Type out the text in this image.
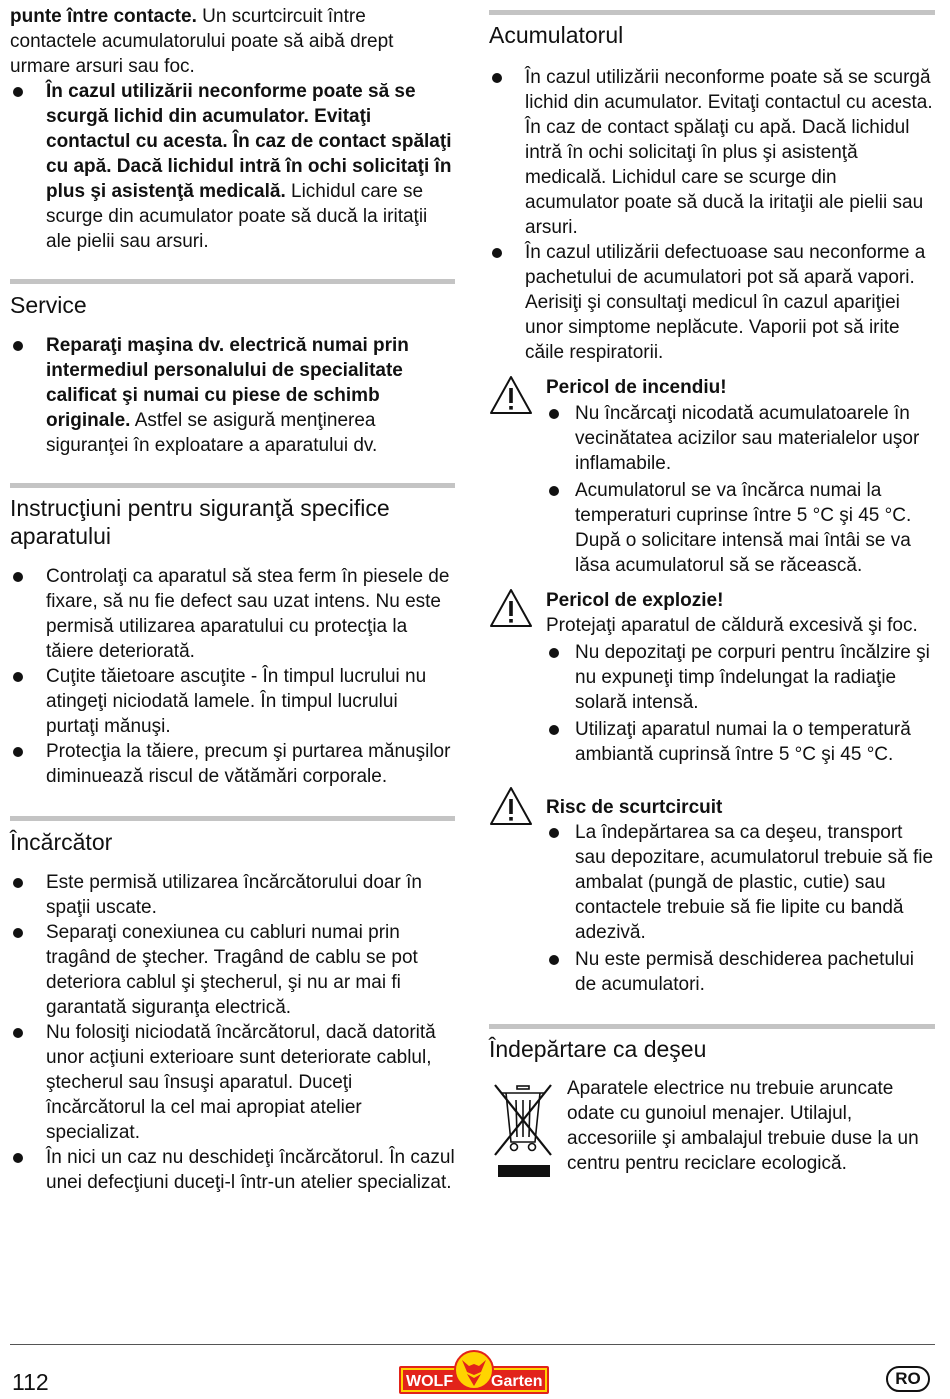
punte între contacte. Un scurtcircuit între contactele acumulatorului poate să aibă drept urmare arsuri sau foc.
În cazul utilizării neconforme poate să se scurgă lichid din acumulator. Evitaţi contactul cu acesta. În caz de contact spălaţi cu apă. Dacă lichidul intră în ochi solicitaţi în plus şi asistenţă medicală. Lichidul care se scurge din acumulator poate să ducă la iritaţii ale pielii sau arsuri.
Service
Reparaţi maşina dv. electrică numai prin intermediul personalului de specialitate calificat şi numai cu piese de schimb originale. Astfel se asigură menţinerea siguranţei în exploatare a aparatului dv.
Instrucţiuni pentru siguranţă specifice aparatului
Controlaţi ca aparatul să stea ferm în piesele de fixare, să nu fie defect sau uzat intens. Nu este permisă utilizarea aparatului cu protecţia la tăiere deteriorată.
Cuţite tăietoare ascuţite - În timpul lucrului nu atingeţi niciodată lamele. În timpul lucrului purtaţi mănuşi.
Protecţia la tăiere, precum şi purtarea mănuşilor diminuează riscul de vătămări corporale.
Încărcător
Este permisă utilizarea încărcătorului doar în spaţii uscate.
Separaţi conexiunea cu cabluri numai prin tragând de ştecher. Tragând de cablu se pot deteriora cablul şi ştecherul, şi nu ar mai fi garantată siguranţa electrică.
Nu folosiţi niciodată încărcătorul, dacă datorită unor acţiuni exterioare sunt deteriorate cablul, ştecherul sau însuşi aparatul. Duceţi încărcătorul la cel mai apropiat atelier specializat.
În nici un caz nu deschideţi încărcătorul. În cazul unei defecţiuni duceţi-l într-un atelier specializat.
Acumulatorul
În cazul utilizării neconforme poate să se scurgă lichid din acumulator. Evitaţi contactul cu acesta. În caz de contact spălaţi cu apă. Dacă lichidul intră în ochi solicitaţi în plus şi asistenţă medicală. Lichidul care se scurge din acumulator poate să ducă la iritaţii ale pielii sau arsuri.
În cazul utilizării defectuoase sau neconforme a pachetului de acumulatori pot să apară vapori. Aerisiţi şi consultaţi medicul în cazul apariţiei unor simptome neplăcute. Vaporii pot să irite căile respiratorii.
Pericol de incendiu!
Nu încărcaţi nicodată acumulatoarele în vecinătatea acizilor sau materialelor uşor inflamabile.
Acumulatorul se va încărca numai la temperaturi cuprinse între 5 °C şi 45 °C. După o solicitare intensă mai întâi se va lăsa acumulatorul să se răcească.
Pericol de explozie!
Protejaţi aparatul de căldură excesivă şi foc.
Nu depozitaţi pe corpuri pentru încălzire şi nu expuneţi timp îndelungat la radiaţie solară intensă.
Utilizaţi aparatul numai la o temperatură ambiantă cuprinsă între 5 °C şi 45 °C.
Risc de scurtcircuit
La îndepărtarea sa ca deşeu, transport sau depozitare, acumulatorul trebuie să fie ambalat (pungă de plastic, cutie) sau contactele trebuie să fie lipite cu bandă adezivă.
Nu este permisă deschiderea pachetului de acumulatori.
Îndepărtare ca deşeu
Aparatele electrice nu trebuie aruncate odate cu gunoiul menajer. Utilajul, accesoriile şi ambalajul trebuie duse la un centru pentru reciclare ecologică.
112	WOLF Garten	RO
